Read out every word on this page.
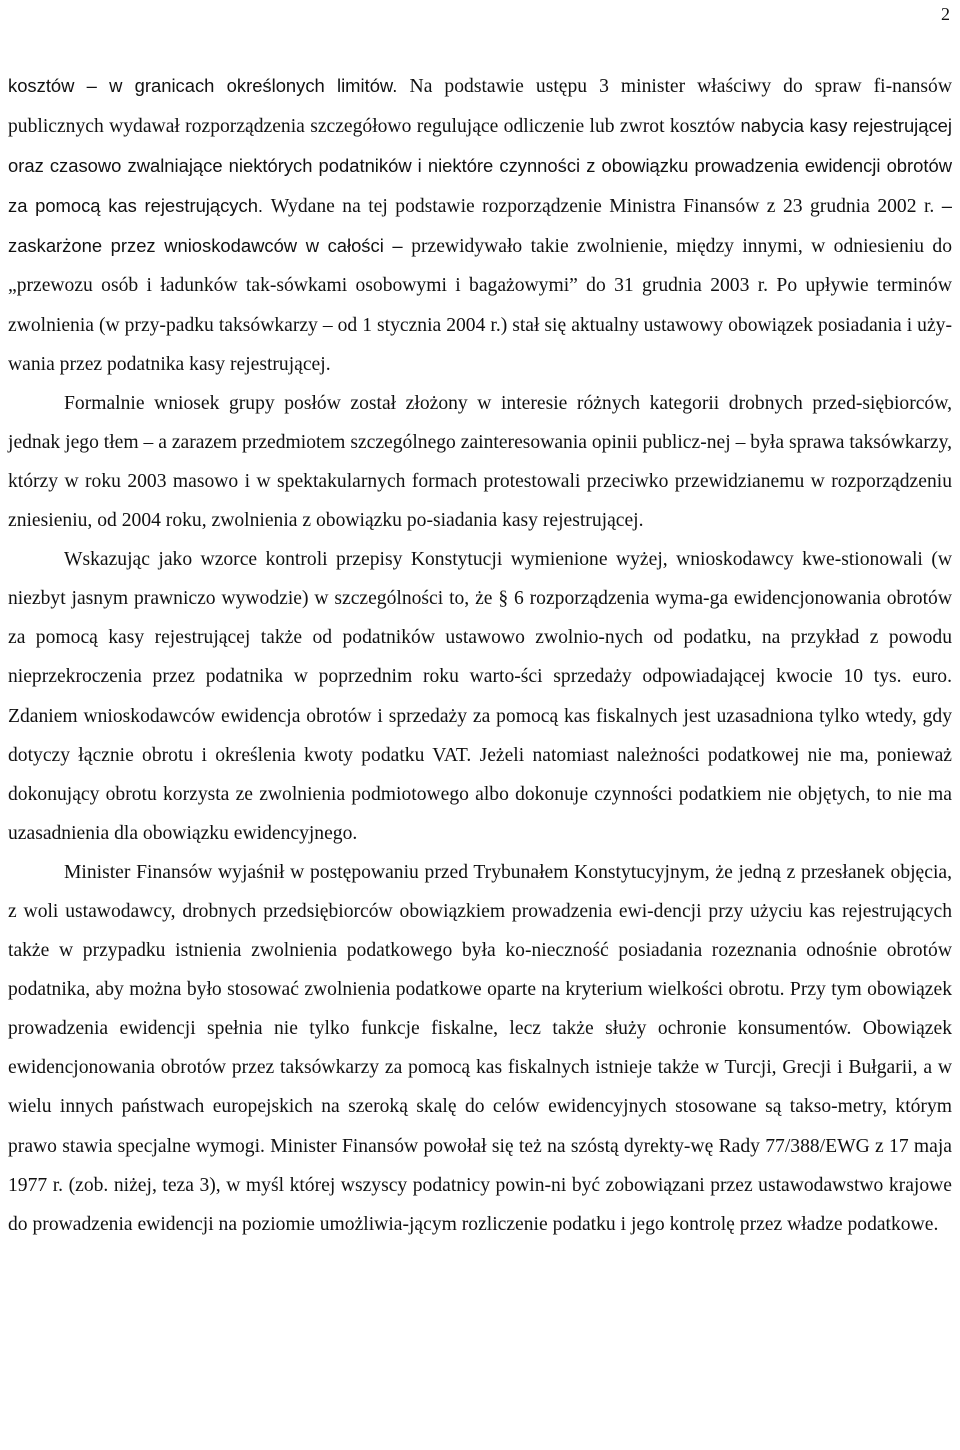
2

kosztów – w granicach określonych limitów. Na podstawie ustępu 3 minister właściwy do spraw fi-nansów publicznych wydawał rozporządzenia szczegółowo regulujące odliczenie lub zwrot kosztów nabycia kasy rejestrującej oraz czasowo zwalniające niektórych podatników i niektóre czynności z obowiązku prowadzenia ewidencji obrotów za pomocą kas rejestrujących. Wydane na tej podstawie rozporządzenie Ministra Finansów z 23 grudnia 2002 r. – zaskarżone przez wnioskodawców w całości – przewidywało takie zwolnienie, między innymi, w odniesieniu do „przewozu osób i ładunków tak-sówkami osobowymi i bagażowymi” do 31 grudnia 2003 r. Po upływie terminów zwolnienia (w przy-padku taksówkarzy – od 1 stycznia 2004 r.) stał się aktualny ustawowy obowiązek posiadania i uży-wania przez podatnika kasy rejestrującej.

Formalnie wniosek grupy posłów został złożony w interesie różnych kategorii drobnych przed-siębiorców, jednak jego tłem – a zarazem przedmiotem szczególnego zainteresowania opinii publicz-nej – była sprawa taksówkarzy, którzy w roku 2003 masowo i w spektakularnych formach protestowali przeciwko przewidzianemu w rozporządzeniu zniesieniu, od 2004 roku, zwolnienia z obowiązku po-siadania kasy rejestrującej.

Wskazując jako wzorce kontroli przepisy Konstytucji wymienione wyżej, wnioskodawcy kwe-stionowali (w niezbyt jasnym prawniczo wywodzie) w szczególności to, że § 6 rozporządzenia wyma-ga ewidencjonowania obrotów za pomocą kasy rejestrującej także od podatników ustawowo zwolnio-nych od podatku, na przykład z powodu nieprzekroczenia przez podatnika w poprzednim roku warto-ści sprzedaży odpowiadającej kwocie 10 tys. euro. Zdaniem wnioskodawców ewidencja obrotów i sprzedaży za pomocą kas fiskalnych jest uzasadniona tylko wtedy, gdy dotyczy łącznie obrotu i określenia kwoty podatku VAT. Jeżeli natomiast należności podatkowej nie ma, ponieważ dokonujący obrotu korzysta ze zwolnienia podmiotowego albo dokonuje czynności podatkiem nie objętych, to nie ma uzasadnienia dla obowiązku ewidencyjnego.

Minister Finansów wyjaśnił w postępowaniu przed Trybunałem Konstytucyjnym, że jedną z przesłanek objęcia, z woli ustawodawcy, drobnych przedsiębiorców obowiązkiem prowadzenia ewi-dencji przy użyciu kas rejestrujących także w przypadku istnienia zwolnienia podatkowego była ko-nieczność posiadania rozeznania odnośnie obrotów podatnika, aby można było stosować zwolnienia podatkowe oparte na kryterium wielkości obrotu. Przy tym obowiązek prowadzenia ewidencji spełnia nie tylko funkcje fiskalne, lecz także służy ochronie konsumentów. Obowiązek ewidencjonowania obrotów przez taksówkarzy za pomocą kas fiskalnych istnieje także w Turcji, Grecji i Bułgarii, a w wielu innych państwach europejskich na szeroką skalę do celów ewidencyjnych stosowane są takso-metry, którym prawo stawia specjalne wymogi. Minister Finansów powołał się też na szóstą dyrekty-wę Rady 77/388/EWG z 17 maja 1977 r. (zob. niżej, teza 3), w myśl której wszyscy podatnicy powin-ni być zobowiązani przez ustawodawstwo krajowe do prowadzenia ewidencji na poziomie umożliwia-jącym rozliczenie podatku i jego kontrolę przez władze podatkowe.
